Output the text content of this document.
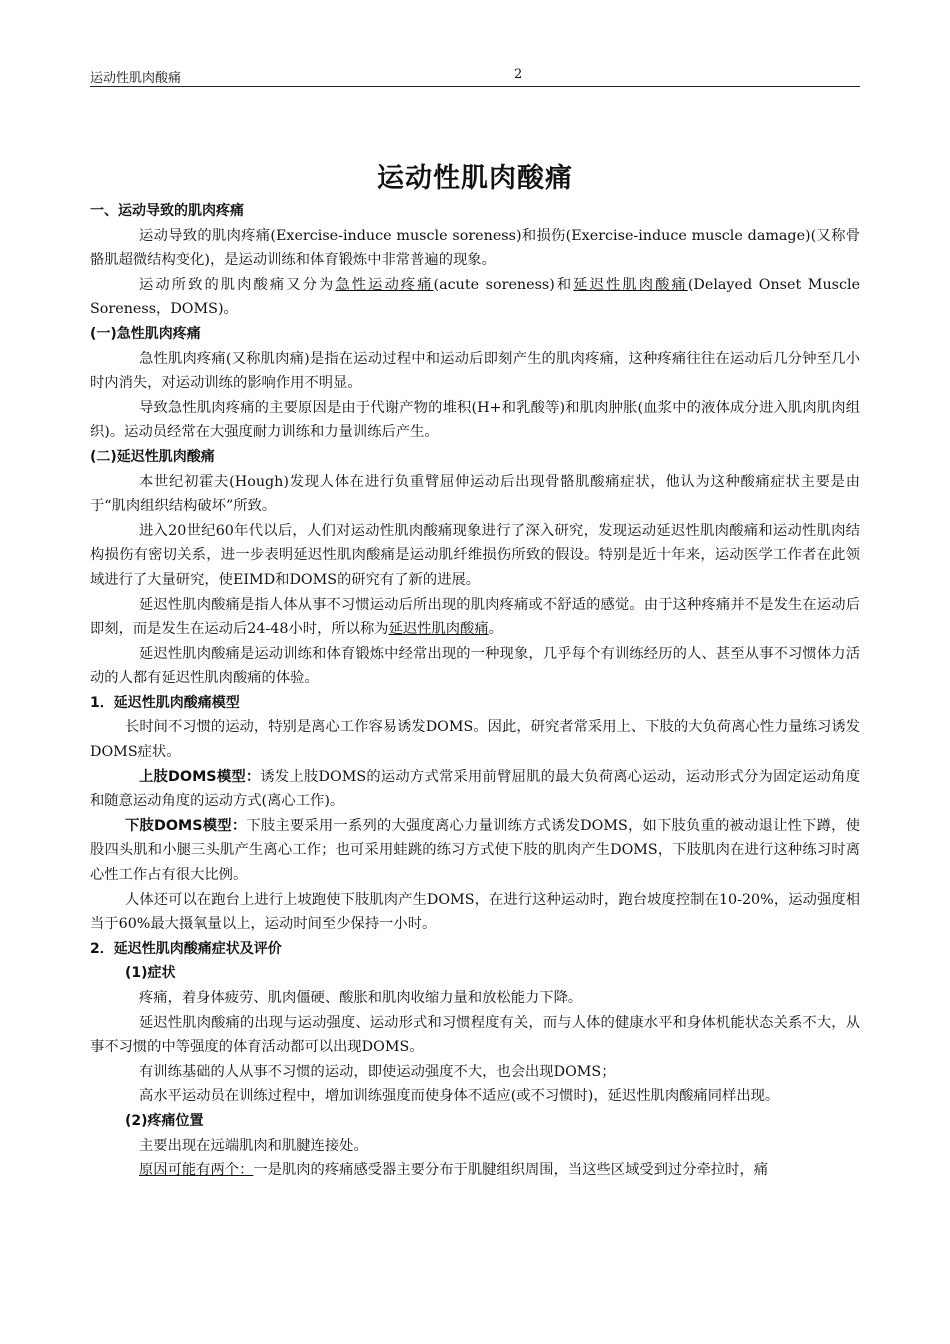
运动性肌肉酸痛	2
运动性肌肉酸痛

一、运动导致的肌肉疼痛

运动导致的肌肉疼痛(Exercise-induce muscle soreness)和损伤(Exercise-induce muscle damage)(又称骨骼肌超微结构变化)，是运动训练和体育锻炼中非常普遍的现象。

运动所致的肌肉酸痛又分为急性运动疼痛(acute soreness)和延迟性肌肉酸痛(Delayed Onset Muscle Soreness，DOMS)。

(一)急性肌肉疼痛

急性肌肉疼痛(又称肌肉痛)是指在运动过程中和运动后即刻产生的肌肉疼痛，这种疼痛往往在运动后几分钟至几小时内消失，对运动训练的影响作用不明显。

导致急性肌肉疼痛的主要原因是由于代谢产物的堆积(H+和乳酸等)和肌肉肿胀(血浆中的液体成分进入肌肉肌肉组织)。运动员经常在大强度耐力训练和力量训练后产生。

(二)延迟性肌肉酸痛

本世纪初霍夫(Hough)发现人体在进行负重臂屈伸运动后出现骨骼肌酸痛症状，他认为这种酸痛症状主要是由于“肌肉组织结构破坏”所致。

进入20世纪60年代以后，人们对运动性肌肉酸痛现象进行了深入研究，发现运动延迟性肌肉酸痛和运动性肌肉结构损伤有密切关系，进一步表明延迟性肌肉酸痛是运动肌纤维损伤所致的假设。特别是近十年来，运动医学工作者在此领域进行了大量研究，使EIMD和DOMS的研究有了新的进展。

延迟性肌肉酸痛是指人体从事不习惯运动后所出现的肌肉疼痛或不舒适的感觉。由于这种疼痛并不是发生在运动后即刻，而是发生在运动后24-48小时，所以称为延迟性肌肉酸痛。

延迟性肌肉酸痛是运动训练和体育锻炼中经常出现的一种现象，几乎每个有训练经历的人、甚至从事不习惯体力活动的人都有延迟性肌肉酸痛的体验。

1．延迟性肌肉酸痛模型

长时间不习惯的运动，特别是离心工作容易诱发DOMS。因此，研究者常采用上、下肢的大负荷离心性力量练习诱发DOMS症状。

上肢DOMS模型：诱发上肢DOMS的运动方式常采用前臂屈肌的最大负荷离心运动，运动形式分为固定运动角度和随意运动角度的运动方式(离心工作)。

下肢DOMS模型：下肢主要采用一系列的大强度离心力量训练方式诱发DOMS，如下肢负重的被动退让性下蹲，使股四头肌和小腿三头肌产生离心工作；也可采用蛙跳的练习方式使下肢的肌肉产生DOMS，下肢肌肉在进行这种练习时离心性工作占有很大比例。

人体还可以在跑台上进行上坡跑使下肢肌肉产生DOMS，在进行这种运动时，跑台坡度控制在10-20%，运动强度相当于60%最大摄氧量以上，运动时间至少保持一小时。

2．延迟性肌肉酸痛症状及评价

(1)症状

疼痛，着身体疲劳、肌肉僵硬、酸胀和肌肉收缩力量和放松能力下降。

延迟性肌肉酸痛的出现与运动强度、运动形式和习惯程度有关，而与人体的健康水平和身体机能状态关系不大，从事不习惯的中等强度的体育活动都可以出现DOMS。

有训练基础的人从事不习惯的运动，即使运动强度不大，也会出现DOMS；

高水平运动员在训练过程中，增加训练强度而使身体不适应(或不习惯时)，延迟性肌肉酸痛同样出现。

(2)疼痛位置

主要出现在远端肌肉和肌腱连接处。

原因可能有两个：一是肌肉的疼痛感受器主要分布于肌腱组织周围，当这些区域受到过分牵拉时，痛
